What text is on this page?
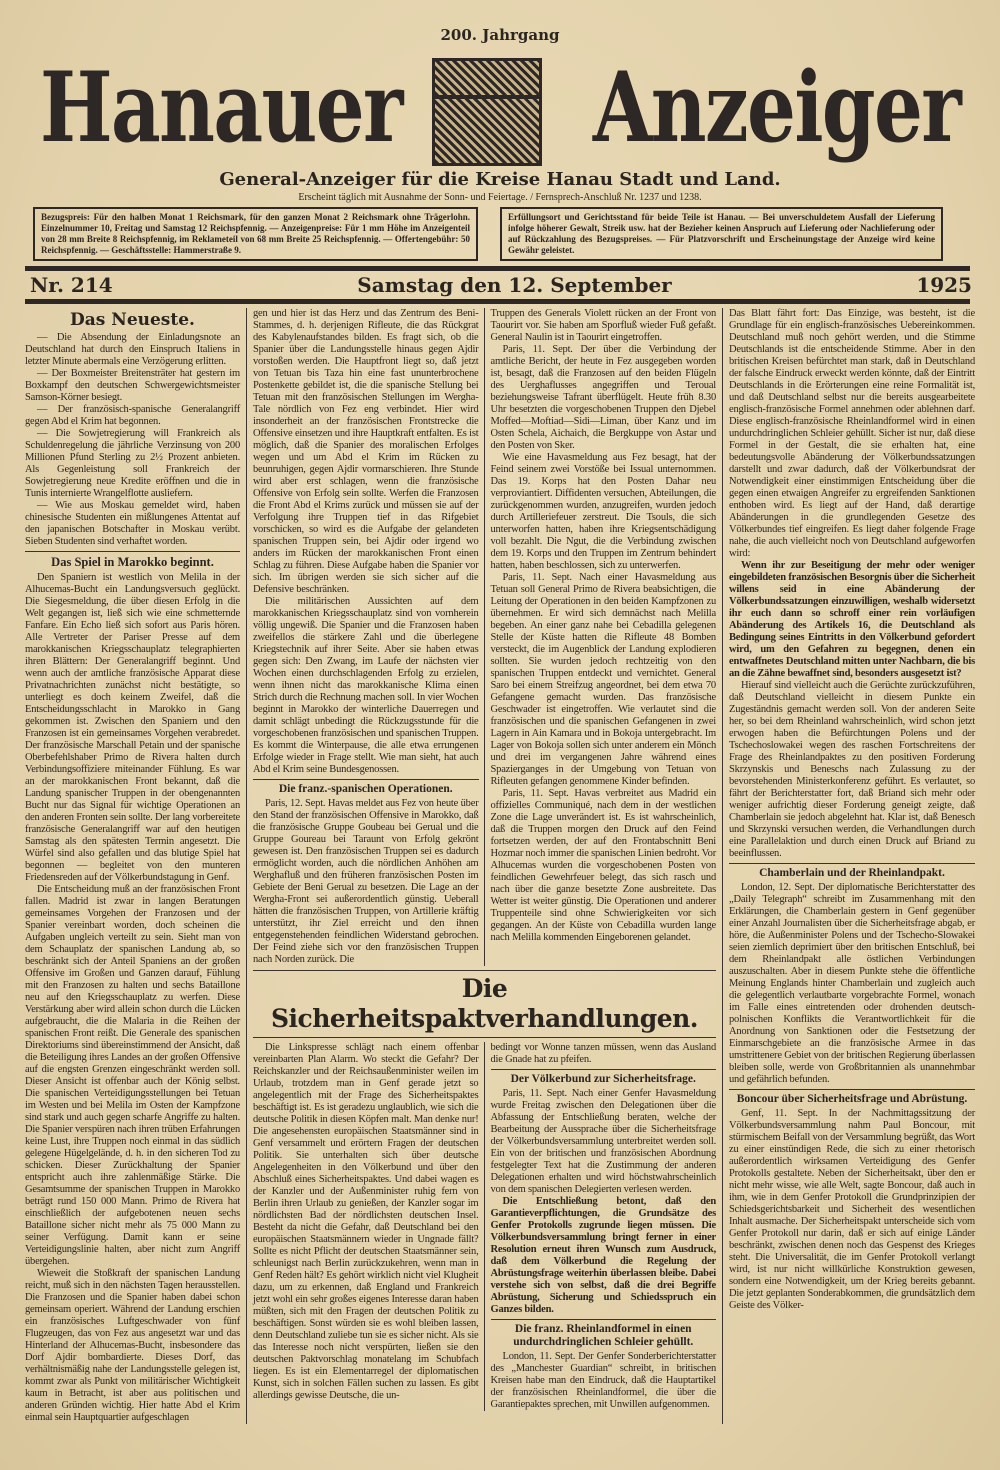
200. Jahrgang
Hanauer Anzeiger
General-Anzeiger für die Kreise Hanau Stadt und Land.
Erscheint täglich mit Ausnahme der Sonn- und Feiertage. / Fernsprech-Anschluß Nr. 1237 und 1238.
Bezugspreis: Für den halben Monat 1 Reichsmark, für den ganzen Monat 2 Reichsmark ohne Trägerlohn. Einzelnummer 10, Freitag und Samstag 12 Reichspfennig. — Anzeigenpreise: Für 1 mm Höhe im Anzeigenteil von 28 mm Breite 8 Reichspfennig, im Reklameteil von 68 mm Breite 25 Reichspfennig. — Offertengebühr: 50 Reichspfennig. — Geschäftsstelle: Hammerstraße 9.
Erfüllungsort und Gerichtsstand für beide Teile ist Hanau. — Bei unverschuldetem Ausfall der Lieferung infolge höherer Gewalt, Streik usw. hat der Bezieher keinen Anspruch auf Lieferung oder Nachlieferung oder auf Rückzahlung des Bezugspreises. — Für Platzvorschrift und Erscheinungstage der Anzeige wird keine Gewähr geleistet.
Nr. 214	Samstag den 12. September	1925
Das Neueste.

— Die Absendung der Einladungsnote an Deutschland hat durch den Einspruch Italiens in letzter Minute abermals eine Verzögerung erlitten.

— Der Boxmeister Breitensträter hat gestern im Boxkampf den deutschen Schwergewichtsmeister Samson-Körner besiegt.

— Der französisch-spanische Generalangriff gegen Abd el Krim hat begonnen.

— Die Sowjetregierung will Frankreich als Schuldenregelung die jährliche Verzinsung von 200 Millionen Pfund Sterling zu 2½ Prozent anbieten. Als Gegenleistung soll Frankreich der Sowjetregierung neue Kredite eröffnen und die in Tunis internierte Wrangelflotte ausliefern.

— Wie aus Moskau gemeldet wird, haben chinesische Studenten ein mißlungenes Attentat auf den japanischen Botschafter in Moskau verübt. Sieben Studenten sind verhaftet worden.

Das Spiel in Marokko beginnt.

Den Spaniern ist westlich von Melila in der Alhucemas-Bucht ein Landungsversuch geglückt. Die Siegesmeldung, die über diesen Erfolg in die Welt gegangen ist, ließ sich wie eine schmetternde Fanfare. Ein Echo ließ sich sofort aus Paris hören. Alle Vertreter der Pariser Presse auf dem marokkanischen Kriegsschauplatz telegraphierten ihren Blättern: Der Generalangriff beginnt. Und wenn auch der amtliche französische Apparat diese Privatnachrichten zunächst nicht bestätigte, so unterliegt es doch keinem Zweifel, daß die Entscheidungsschlacht in Marokko in Gang gekommen ist. Zwischen den Spaniern und den Franzosen ist ein gemeinsames Vorgehen verabredet. Der französische Marschall Petain und der spanische Oberbefehlshaber Primo de Rivera halten durch Verbindungsoffiziere miteinander Fühlung. Es war an der marokkanischen Front bekannt, daß die Landung spanischer Truppen in der obengenannten Bucht nur das Signal für wichtige Operationen an den anderen Fronten sein sollte. Der lang vorbereitete französische Generalangriff war auf den heutigen Samstag als den spätesten Termin angesetzt. Die Würfel sind also gefallen und das blutige Spiel hat begonnen — begleitet von den munteren Friedensreden auf der Völkerbundstagung in Genf.

Die Entscheidung muß an der französischen Front fallen. Madrid ist zwar in langen Beratungen gemeinsames Vorgehen der Franzosen und der Spanier vereinbart worden, doch scheinen die Aufgaben ungleich verteilt zu sein. Sieht man von dem Schauplatz der spanischen Landung ab, so beschränkt sich der Anteil Spaniens an der großen Offensive im Großen und Ganzen darauf, Fühlung mit den Franzosen zu halten und sechs Bataillone neu auf den Kriegsschauplatz zu werfen. Diese Verstärkung aber wird allein schon durch die Lücken aufgebraucht, die die Malaria in die Reihen der spanischen Front reißt. Die Generale des spanischen Direktoriums sind übereinstimmend der Ansicht, daß die Beteiligung ihres Landes an der großen Offensive auf die engsten Grenzen eingeschränkt werden soll. Dieser Ansicht ist offenbar auch der König selbst. Die spanischen Verteidigungsstellungen bei Tetuan im Westen und bei Melila im Osten der Kampfzone sind stark und auch gegen scharfe Angriffe zu halten. Die Spanier verspüren nach ihren trüben Erfahrungen keine Lust, ihre Truppen noch einmal in das südlich gelegene Hügelgelände, d. h. in den sicheren Tod zu schicken. Dieser Zurückhaltung der Spanier entspricht auch ihre zahlenmäßige Stärke. Die Gesamtsumme der spanischen Truppen in Marokko beträgt rund 150 000 Mann. Primo de Rivera hat einschließlich der aufgebotenen neuen sechs Bataillone sicher nicht mehr als 75 000 Mann zu seiner Verfügung. Damit kann er seine Verteidigungslinie halten, aber nicht zum Angriff übergehen.

Wieweit die Stoßkraft der spanischen Landung reicht, muß sich in den nächsten Tagen herausstellen. Die Franzosen und die Spanier haben dabei schon gemeinsam operiert. Während der Landung erschien ein französisches Luftgeschwader von fünf Flugzeugen, das von Fez aus angesetzt war und das Hinterland der Alhucemas-Bucht, insbesondere das Dorf Ajdir bombardierte. Dieses Dorf, das verhältnismäßig nahe der Landungsstelle gelegen ist, kommt zwar als Punkt von militärischer Wichtigkeit kaum in Betracht, ist aber aus politischen und anderen Gründen wichtig. Hier hatte Abd el Krim einmal sein Hauptquartier aufgeschlagen

gen und hier ist das Herz und das Zentrum des Beni-Stammes, d. h. derjenigen Rifleute, die das Rückgrat des Kabylenaufstandes bilden. Es fragt sich, ob die Spanier über die Landungsstelle hinaus gegen Ajdir vorstoßen werden. Die Hauptfront liegt so, daß jetzt von Tetuan bis Taza hin eine fast ununterbrochene Postenkette gebildet ist, die die spanische Stellung bei Tetuan mit den französischen Stellungen im Wergha-Tale nördlich von Fez eng verbindet. Hier wird insonderheit an der französischen Frontstrecke die Offensive einsetzen und ihre Hauptkraft entfalten. Es ist möglich, daß die Spanier des moralischen Erfolges wegen und um Abd el Krim im Rücken zu beunruhigen, gegen Ajdir vormarschieren. Ihre Stunde wird aber erst schlagen, wenn die französische Offensive von Erfolg sein sollte. Werfen die Franzosen die Front Abd el Krims zurück und müssen sie auf der Verfolgung ihre Truppen tief in das Rifgebiet vorschicken, so wird es die Aufgabe der gelandeten spanischen Truppen sein, bei Ajdir oder irgend wo anders im Rücken der marokkanischen Front einen Schlag zu führen. Diese Aufgabe haben die Spanier vor sich. Im übrigen werden sie sich sicher auf die Defensive beschränken.

Die militärischen Aussichten auf dem marokkanischen Kriegsschauplatz sind von vornherein völlig ungewiß. Die Spanier und die Franzosen haben zweifellos die stärkere Zahl und die überlegene Kriegstechnik auf ihrer Seite. Aber sie haben etwas gegen sich: Den Zwang, im Laufe der nächsten vier Wochen einen durchschlagenden Erfolg zu erzielen, wenn ihnen nicht das marokkanische Klima einen Strich durch die Rechnung machen soll. In vier Wochen beginnt in Marokko der winterliche Dauerregen und damit schlägt unbedingt die Rückzugsstunde für die vorgeschobenen französischen und spanischen Truppen. Es kommt die Winterpause, die alle etwa errungenen Erfolge wieder in Frage stellt. Wie man sieht, hat auch Abd el Krim seine Bundesgenossen.

Die franz.-spanischen Operationen.

Paris, 12. Sept. Havas meldet aus Fez von heute über den Stand der französischen Offensive in Marokko, daß die französische Gruppe Goubeau bei Gerual und die Gruppe Goureau bei Taraunt von Erfolg gekrönt gewesen ist. Den französischen Truppen sei es dadurch ermöglicht worden, auch die nördlichen Anhöhen am Werghafluß und den früheren französischen Posten im Gebiete der Beni Gerual zu besetzen. Die Lage an der Wergha-Front sei außerordentlich günstig. Ueberall hätten die französischen Truppen, von Artillerie kräftig unterstützt, ihr Ziel erreicht und den ihnen entgegenstehenden feindlichen Widerstand gebrochen. Der Feind ziehe sich vor den französischen Truppen nach Norden zurück. Die

Truppen des Generals Violett rücken an der Front von Taourirt vor. Sie haben am Sporfluß wieder Fuß gefaßt. General Naulin ist in Taourirt eingetroffen.

Paris, 11. Sept. Der über die Verbindung der amtliche Bericht, der heute in Fez ausgegeben worden ist, besagt, daß die Franzosen auf den beiden Flügeln des Uerghaflusses angegriffen und Teroual beziehungsweise Tafrant überflügelt. Heute früh 8.30 Uhr besetzten die vorgeschobenen Truppen den Djebel Moffed—Moftiad—Sidi—Liman, über Kanz und im Osten Schela, Aichaich, die Bergkuppe von Astar und den Posten von Sker.

Wie eine Havasmeldung aus Fez besagt, hat der Feind seinem zwei Vorstöße bei Issual unternommen. Das 19. Korps hat den Posten Dahar neu verproviantiert. Diffidenten versuchen, Abteilungen, die zurückgenommen wurden, anzugreifen, wurden jedoch durch Artilleriefeuer zerstreut. Die Tsouls, die sich unterworfen hatten, haben ihre Kriegsentschädigung voll bezahlt. Die Ngut, die die Verbindung zwischen dem 19. Korps und den Truppen im Zentrum behindert hatten, haben beschlossen, sich zu unterwerfen.

Paris, 11. Sept. Nach einer Havasmeldung aus Tetuan soll General Primo de Rivera beabsichtigen, die Leitung der Operationen in den beiden Kampfzonen zu übernehmen. Er wird sich demnächst nach Melilla begeben. An einer ganz nahe bei Cebadilla gelegenen Stelle der Küste hatten die Rifleute 48 Bomben versteckt, die im Augenblick der Landung explodieren sollten. Sie wurden jedoch rechtzeitig von den spanischen Truppen entdeckt und vernichtet. General Saro bei einem Streifzug angeordnet, bei dem etwa 70 Gefangene gemacht wurden. Das französische Geschwader ist eingetroffen. Wie verlautet sind die französischen und die spanischen Gefangenen in zwei Lagern in Ain Kamara und in Bokoja untergebracht. Im Lager von Bokoja sollen sich unter anderem ein Mönch und drei im vergangenen Jahre während eines Spazierganges in der Umgebung von Tetuan von Rifleuten gefangen genommene Kinder befinden.

Paris, 11. Sept. Havas verbreitet aus Madrid ein offizielles Communiqué, nach dem in der westlichen Zone die Lage unverändert ist. Es ist wahrscheinlich, daß die Truppen morgen den Druck auf den Feind fortsetzen werden, der auf den Frontabschnitt Beni Hozmar noch immer die spanischen Linien bedroht. Vor Alhucemas wurden die vorgeschobenen Posten von feindlichen Gewehrfeuer belegt, das sich rasch und nach über die ganze besetzte Zone ausbreitete. Das Wetter ist weiter günstig. Die Operationen und anderer Truppenteile sind ohne Schwierigkeiten vor sich gegangen. An der Küste von Cebadilla wurden lange nach Melilla kommenden Eingeborenen gelandet.

Die Sicherheitspaktverhandlungen.

Die Linkspresse schlägt nach einem offenbar vereinbarten Plan Alarm. Wo steckt die Gefahr? Der Reichskanzler und der Reichsaußenminister weilen im Urlaub, trotzdem man in Genf gerade jetzt so angelegentlich mit der Frage des Sicherheitspaktes beschäftigt ist. Es ist geradezu unglaublich, wie sich die deutsche Politik in diesen Köpfen malt. Man denke nur! Die angesehensten europäischen Staatsmänner sind in Genf versammelt und erörtern Fragen der deutschen Politik. Sie unterhalten sich über deutsche Angelegenheiten in den Völkerbund und über den Abschluß eines Sicherheitspaktes. Und dabei wagen es der Kanzler und der Außenminister ruhig fern von Berlin ihren Urlaub zu genießen, der Kanzler sogar im nördlichsten Bad der nördlichsten deutschen Insel. Besteht da nicht die Gefahr, daß Deutschland bei den europäischen Staatsmännern wieder in Ungnade fällt? Sollte es nicht Pflicht der deutschen Staatsmänner sein, schleunigst nach Berlin zurückzukehren, wenn man in Genf Reden hält? Es gehört wirklich nicht viel Klugheit dazu, um zu erkennen, daß England und Frankreich jetzt wohl ein sehr großes eigenes Interesse daran haben müßten, sich mit den Fragen der deutschen Politik zu beschäftigen. Sonst würden sie es wohl bleiben lassen, denn Deutschland zuliebe tun sie es sicher nicht. Als sie das Interesse noch nicht verspürten, ließen sie den deutschen Paktvorschlag monatelang im Schubfach liegen. Es ist ein Elementarregel der diplomatischen Kunst, sich in solchen Fällen suchen zu lassen. Es gibt allerdings gewisse Deutsche, die un-

bedingt vor Wonne tanzen müssen, wenn das Ausland die Gnade hat zu pfeifen.

Der Völkerbund zur Sicherheitsfrage.

Paris, 11. Sept. Nach einer Genfer Havasmeldung wurde Freitag zwischen den Delegationen über die Abfassung der Entschließung beraten, welche der Bearbeitung der Aussprache über die Sicherheitsfrage der Völkerbundsversammlung unterbreitet werden soll. Ein von der britischen und französischen Abordnung festgelegter Text hat die Zustimmung der anderen Delegationen erhalten und wird höchstwahrscheinlich von dem spanischen Delegierten verlesen werden.

Die Entschließung betont, daß den Garantieverpflichtungen, die Grundsätze des Genfer Protokolls zugrunde liegen müssen. Die Völkerbundsversammlung bringt ferner in einer Resolution erneut ihren Wunsch zum Ausdruck, daß dem Völkerbund die Regelung der Abrüstungsfrage weiterhin überlassen bleibe. Dabei verstehe sich von selbst, daß die drei Begriffe Abrüstung, Sicherung und Schiedsspruch ein Ganzes bilden.

Die franz. Rheinlandformel in einen undurchdringlichen Schleier gehüllt.

London, 11. Sept. Der Genfer Sonderberichterstatter des „Manchester Guardian“ schreibt, in britischen Kreisen habe man den Eindruck, daß die Hauptartikel der französischen Rheinlandformel, die über die Garantiepaktes sprechen, mit Unwillen aufgenommen.

Das Blatt fährt fort: Das Einzige, was besteht, ist die Grundlage für ein englisch-französisches Uebereinkommen. Deutschland muß noch gehört werden, und die Stimme Deutschlands ist die entscheidende Stimme. Aber in den britischen Kreisen befürchtet man stark, daß in Deutschland der falsche Eindruck erweckt werden könnte, daß der Eintritt Deutschlands in die Erörterungen eine reine Formalität ist, und daß Deutschland selbst nur die bereits ausgearbeitete englisch-französische Formel annehmen oder ablehnen darf. Diese englisch-französische Rheinlandformel wird in einen undurchdringlichen Schleier gehüllt. Sicher ist nur, daß diese Formel in der Gestalt, die sie erhalten hat, eine bedeutungsvolle Abänderung der Völkerbundssatzungen darstellt und zwar dadurch, daß der Völkerbundsrat der Notwendigkeit einer einstimmigen Entscheidung über die gegen einen etwaigen Angreifer zu ergreifenden Sanktionen enthoben wird. Es liegt auf der Hand, daß derartige Abänderungen in die grundlegenden Gesetze des Völkerbundes tief eingreifen. Es liegt daher folgende Frage nahe, die auch vielleicht noch von Deutschland aufgeworfen wird:

Wenn ihr zur Beseitigung der mehr oder weniger eingebildeten französischen Besorgnis über die Sicherheit willens seid in eine Abänderung der Völkerbundssatzungen einzuwilligen, weshalb widersetzt ihr euch dann so schroff einer rein vorläufigen Abänderung des Artikels 16, die Deutschland als Bedingung seines Eintritts in den Völkerbund gefordert wird, um den Gefahren zu begegnen, denen ein entwaffnetes Deutschland mitten unter Nachbarn, die bis an die Zähne bewaffnet sind, besonders ausgesetzt ist?

Hierauf sind vielleicht auch die Gerüchte zurückzuführen, daß Deutschland vielleicht in diesem Punkte ein Zugeständnis gemacht werden soll. Von der anderen Seite her, so bei dem Rheinland wahrscheinlich, wird schon jetzt erwogen haben die Befürchtungen Polens und der Tschechoslowakei wegen des raschen Fortschreitens der Frage des Rheinlandpaktes zu den positiven Forderung Skrzynskis und Beneschs nach Zulassung zu der bevorstehenden Ministerkonferenz geführt. Es verlautet, so fährt der Berichterstatter fort, daß Briand sich mehr oder weniger aufrichtig dieser Forderung geneigt zeigte, daß Chamberlain sie jedoch abgelehnt hat. Klar ist, daß Benesch und Skrzynski versuchen werden, die Verhandlungen durch eine Parallelaktion und durch einen Druck auf Briand zu beeinflussen.

Chamberlain und der Rheinlandpakt.

London, 12. Sept. Der diplomatische Berichterstatter des „Daily Telegraph“ schreibt im Zusammenhang mit den Erklärungen, die Chamberlain gestern in Genf gegenüber einer Anzahl Journalisten über die Sicherheitsfrage abgab, er höre, die Außenminister Polens und der Tschecho-Slowakei seien ziemlich deprimiert über den britischen Entschluß, bei dem Rheinlandpakt alle östlichen Verbindungen auszuschalten. Aber in diesem Punkte stehe die öffentliche Meinung Englands hinter Chamberlain und zugleich auch die gelegentlich verlautbarte vorgebrachte Formel, wonach im Falle eines eintretenden oder drohenden deutsch-polnischen Konflikts die Verantwortlichkeit für die Anordnung von Sanktionen oder die Festsetzung der Einmarschgebiete an die französische Armee in das umstrittenere Gebiet von der britischen Regierung überlassen bleiben solle, werde von Großbritannien als unannehmbar und gefährlich befunden.

Boncour über Sicherheitsfrage und Abrüstung.

Genf, 11. Sept. In der Nachmittagssitzung der Völkerbundsversammlung nahm Paul Boncour, mit stürmischem Beifall von der Versammlung begrüßt, das Wort zu einer einstündigen Rede, die sich zu einer rhetorisch außerordentlich wirksamen Verteidigung des Genfer Protokolls gestaltete. Neben der Sicherheitsakt, über den er nicht mehr wisse, wie alle Welt, sagte Boncour, daß auch in ihm, wie in dem Genfer Protokoll die Grundprinzipien der Schiedsgerichtsbarkeit und Sicherheit des wesentlichen Inhalt ausmache. Der Sicherheitspakt unterscheide sich vom Genfer Protokoll nur darin, daß er sich auf einige Länder beschränkt, zwischen denen noch das Gespenst des Krieges steht. Die Universalität, die im Genfer Protokoll verlangt wird, ist nur nicht willkürliche Konstruktion gewesen, sondern eine Notwendigkeit, um der Krieg bereits gebannt. Die jetzt geplanten Sonderabkommen, die grundsätzlich dem Geiste des Völker-
